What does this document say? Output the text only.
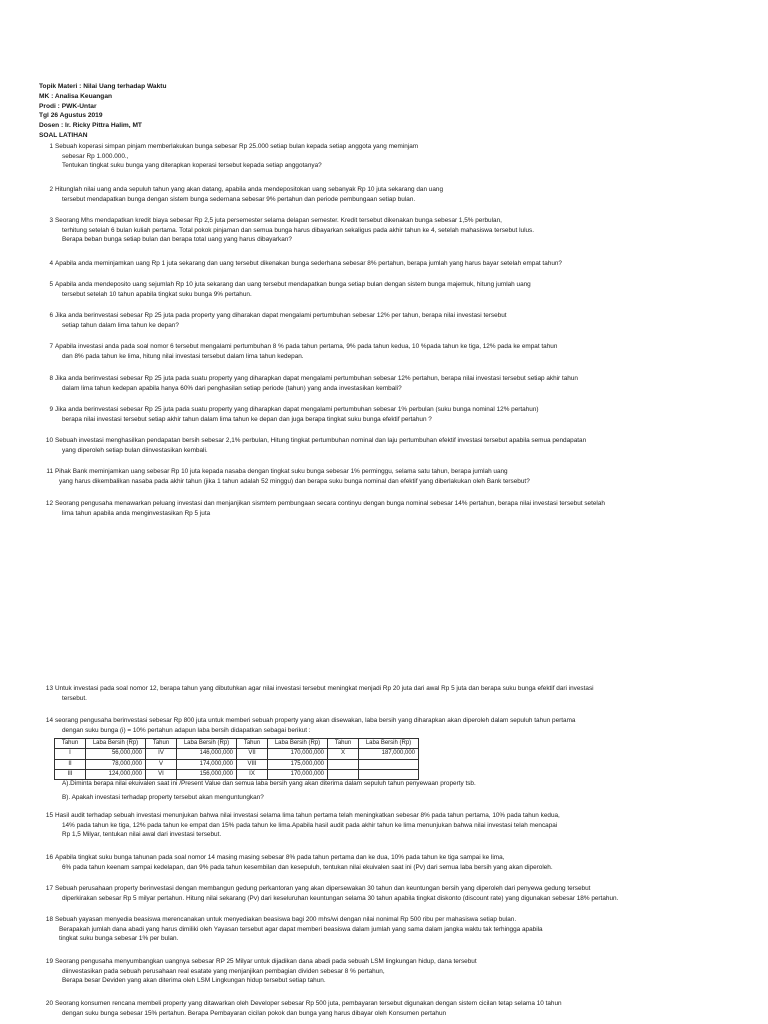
Topik Materi : Nilai Uang terhadap Waktu
MK : Analisa Keuangan
Prodi : PWK-Untar
Tgl 26 Agustus 2019
Dosen : Ir. Ricky Pittra Halim, MT
SOAL LATIHAN
1 Sebuah koperasi simpan pinjam memberlakukan bunga sebesar Rp 25.000 setiap bulan kepada setiap anggota yang meminjam
sebesar Rp 1.000.000.,
Tentukan tingkat suku bunga yang diterapkan koperasi tersebut kepada setiap anggotanya?
2 Hitunglah nilai uang anda sepuluh tahun yang akan datang, apabila anda mendepositokan uang sebanyak Rp 10 juta sekarang dan uang
tersebut mendapatkan bunga dengan sistem bunga sedernana sebesar 9% pertahun dan periode pembungaan setiap bulan.
3 Seorang Mhs mendapatkan kredit biaya sebesar Rp 2,5 juta persemester selama delapan semester. Kredit tersebut dikenakan bunga sebesar 1,5% perbulan,
terhitung setelah 6 bulan kuliah pertama. Total pokok pinjaman dan semua bunga harus dibayarkan sekaligus pada akhir tahun ke 4, setelah mahasiswa tersebut lulus.
Berapa beban bunga setiap bulan dan berapa total uang yang harus dibayarkan?
4 Apabila anda meminjamkan uang Rp 1 juta sekarang dan uang tersebut dikenakan bunga sederhana sebesar 8% pertahun, berapa jumlah yang harus bayar setelah empat tahun?
5 Apabila anda mendeposito uang sejumlah Rp 10 juta sekarang dan uang tersebut mendapatkan bunga setiap bulan dengan sistem bunga majemuk, hitung jumlah uang
tersebut setelah 10 tahun apabila tingkat suku bunga 9% pertahun.
6 Jika anda berinvestasi sebesar Rp 25 juta pada property yang diharakan dapat mengalami pertumbuhan sebesar 12% per tahun, berapa nilai investasi tersebut
setiap tahun dalam lima tahun ke depan?
7 Apabila investasi anda pada soal nomor 6 tersebut mengalami pertumbuhan 8 % pada tahun pertama, 9% pada tahun kedua, 10 %pada tahun ke tiga, 12% pada ke empat tahun
dan 8% pada tahun ke lima, hitung nilai investasi tersebut dalam lima tahun kedepan.
8 Jika anda berinvestasi sebesar Rp 25 juta pada suatu property yang diharapkan dapat mengalami pertumbuhan sebesar 12% pertahun, berapa nilai investasi tersebut setiap akhir tahun
dalam lima tahun kedepan apabila hanya 60% dari penghasilan setiap periode (tahun) yang anda investasikan kembali?
9 Jika anda berinvestasi sebesar Rp 25 juta pada suatu property yang diharapkan dapat mengalami pertumbuhan sebesar 1% perbulan (suku bunga nominal 12% pertahun)
berapa nilai investasi tersebut setiap akhir tahun dalam lima tahun ke depan dan juga berapa tingkat suku bunga efektif pertahun ?
10 Sebuah investasi menghasilkan pendapatan bersih sebesar 2,1% perbulan, Hitung tingkat pertumbuhan nominal dan laju pertumbuhan efektif investasi tersebut apabila semua pendapatan
yang diperoleh setiap bulan diinvestasikan kembali.
11 Pihak Bank meminjamkan uang sebesar Rp 10 juta kepada nasaba dengan tingkat suku bunga sebesar 1% perminggu, selama satu tahun, berapa jumlah uang
yang harus dikembalikan nasaba pada akhir tahun (jika 1 tahun adalah 52 minggu) dan berapa suku bunga nominal dan efektif yang diberlakukan oleh Bank tersebut?
12 Seorang pengusaha menawarkan peluang investasi dan menjanjikan sismtem pembungaan secara continyu dengan bunga nominal sebesar 14% pertahun, berapa nilai investasi tersebut setelah
lima tahun apabila anda menginvestasikan Rp 5 juta
13 Untuk investasi pada soal nomor 12, berapa tahun yang dibutuhkan agar nilai investasi tersebut meningkat menjadi Rp 20 juta dari awal Rp 5 juta dan berapa suku bunga efektif dari investasi
tersebut.
14 seorang pengusaha berinvestasi sebesar Rp 800 juta untuk memberi sebuah property yang akan disewakan, laba bersih yang diharapkan akan diperoleh dalam sepuluh tahun pertama
dengan suku bunga (i) = 10% pertahun adapun laba bersih didapatkan sebagai berikut :
Tahun	Laba Bersih (Rp)	Tahun	Laba Bersih (Rp)	Tahun	Laba Bersih (Rp)	Tahun	Laba Bersih (Rp)
I	56,000,000	IV	146,000,000	VII	170,000,000	X	187,000,000
II	78,000,000	V	174,000,000	VIII	175,000,000		
III	124,000,000	VI	156,000,000	IX	170,000,000		
A).Diminta berapa nilai ekuivalen saat ini /Present Value dan semua laba bersih yang akan diterima dalam sepuluh tahun penyewaan property tsb.
B). Apakah investasi terhadap property tersebut akan menguntungkan?
15 Hasil audit terhadap sebuah investasi menunjukan bahwa nilai investasi selama lima tahun pertama telah meningkatkan sebesar 8% pada tahun pertama, 10% pada tahun kedua,
14% pada tahun ke tiga, 12% pada tahun ke empat dan 15% pada tahun ke lima.Apabila hasil audit pada akhir tahun ke lima menunjukan bahwa nilai investasi telah mencapai
Rp 1,5 Milyar, tentukan nilai awal dari investasi tersebut.
16 Apabila tingkat suku bunga tahunan pada soal nomor 14 masing masing sebesar 8% pada tahun pertama dan ke dua, 10% pada tahun ke tiga sampai ke lima,
6% pada tahun keenam sampai kedelapan, dan 9% pada tahun kesembilan dan kesepuluh, tentukan nilai ekuivalen saat ini (Pv) dari semua laba bersih yang akan diperoleh.
17 Sebuah perusahaan property berinvestasi dengan membangun gedung perkantoran yang akan dipersewakan 30 tahun dan keuntungan bersih yang diperoleh dari penyewa gedung tersebut
diperkirakan sebesar Rp 5 milyar pertahun. Hitung nilai sekarang (Pv) dari keseluruhan keuntungan selama 30 tahun apabila tingkat diskonto (discount rate) yang digunakan sebesar 18% pertahun.
18 Sebuah yayasan menyedia beasiswa merencanakan untuk menyediakan beasiswa bagi 200 mhs/wi dengan nilai nonimal Rp 500 ribu per mahasiswa setiap bulan.
Berapakah jumlah dana abadi yang harus dimiliki oleh Yayasan tersebut agar dapat memberi beasiswa dalam jumlah yang sama dalam jangka waktu tak terhingga apabila
tingkat suku bunga sebesar 1% per bulan.
19 Seorang pengusaha menyumbangkan uangnya sebesar RP 25 Milyar untuk dijadikan dana abadi pada sebuah LSM lingkungan hidup, dana tersebut
diinvestasikan pada sebuah perusahaan real esatate yang menjanjikan pembagian dividen sebesar 8 % pertahun,
Berapa besar Deviden yang akan diterima oleh LSM Lingkungan hidup tersebut setiap tahun.
20 Seorang konsumen rencana membeli property yang ditawarkan oleh Developer sebesar Rp 500 juta, pembayaran tersebut digunakan dengan sistem cicilan tetap selama 10 tahun
dengan suku bunga sebesar 15% pertahun. Berapa Pembayaran cicilan pokok dan bunga yang harus dibayar oleh Konsumen pertahun
